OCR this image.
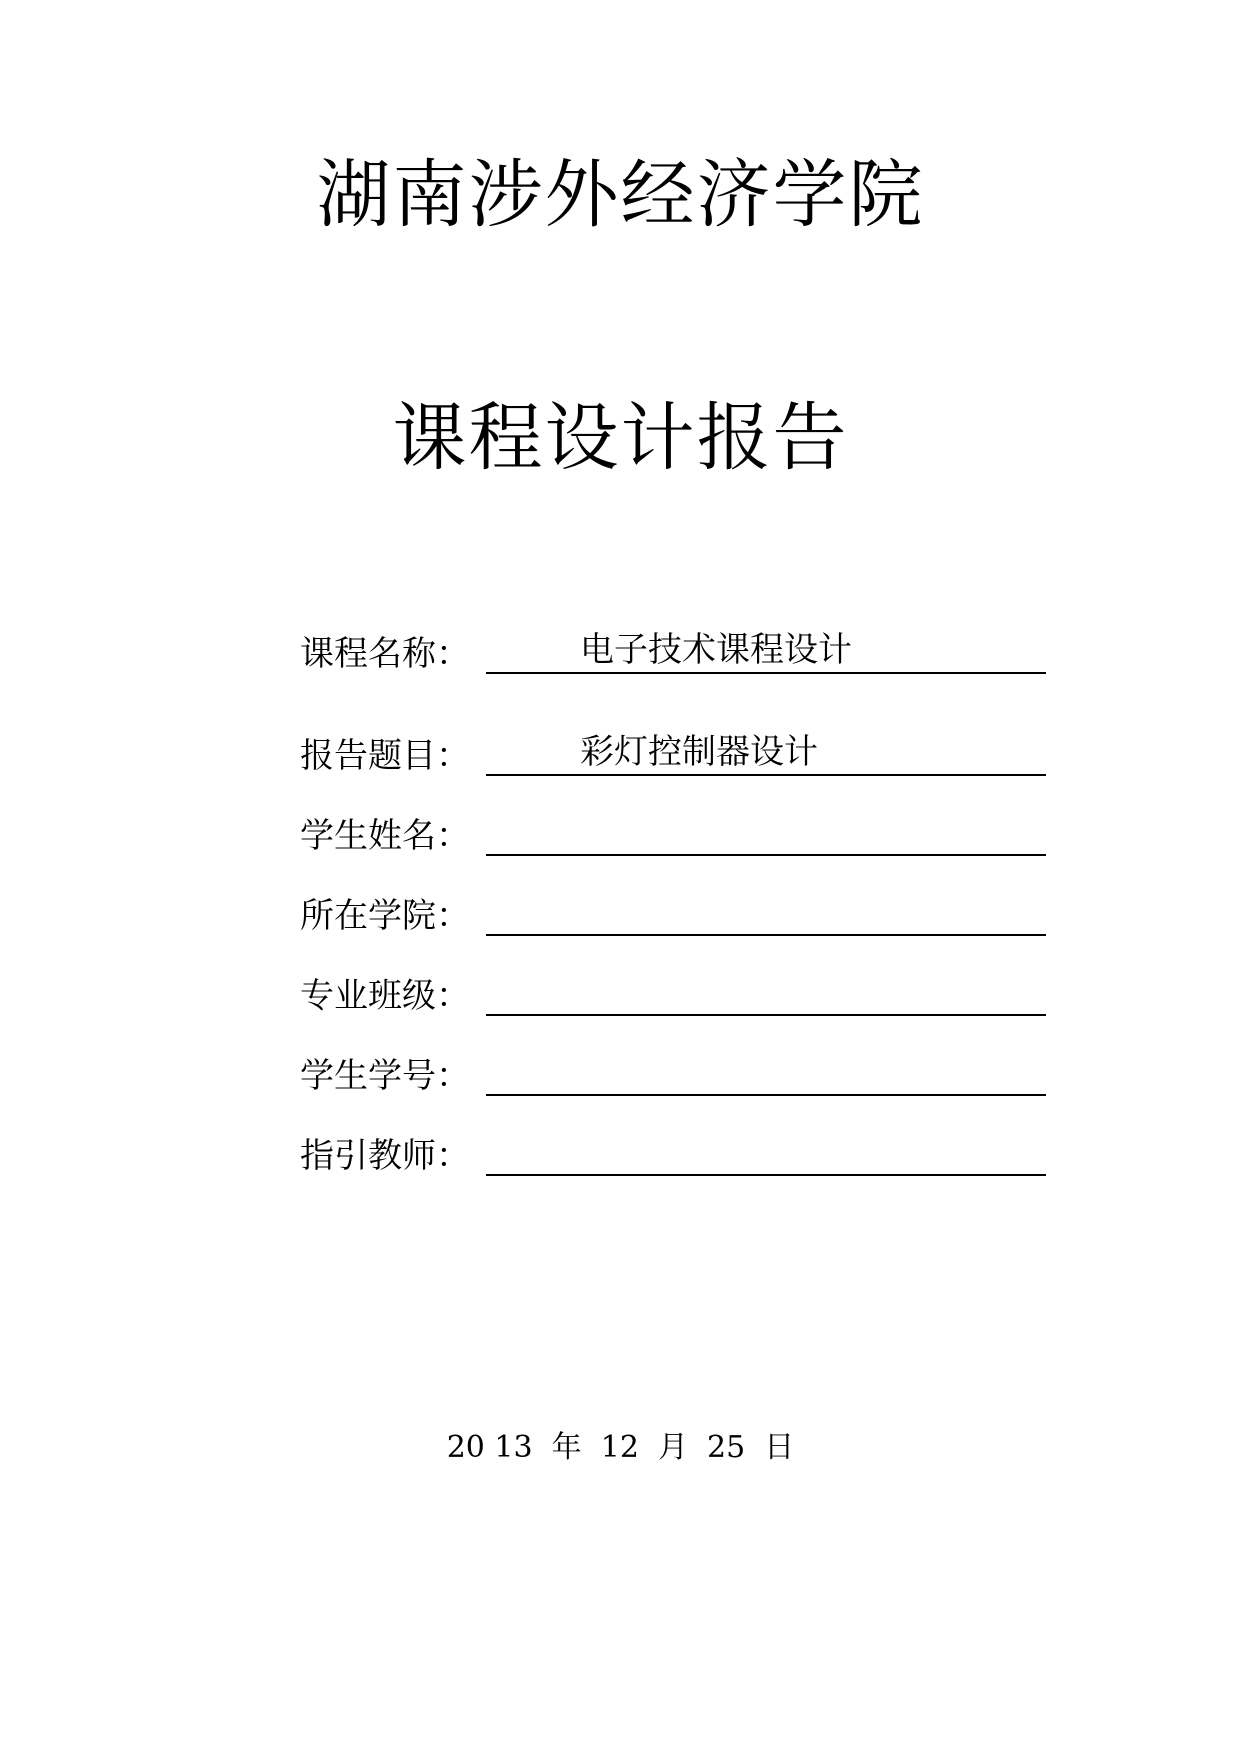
湖南涉外经济学院
课程设计报告
课程名称：	电子技术课程设计
报告题目：	彩灯控制器设计
学生姓名：
所在学院：
专业班级：
学生学号：
指引教师：
20 13  年  12  月  25  日
